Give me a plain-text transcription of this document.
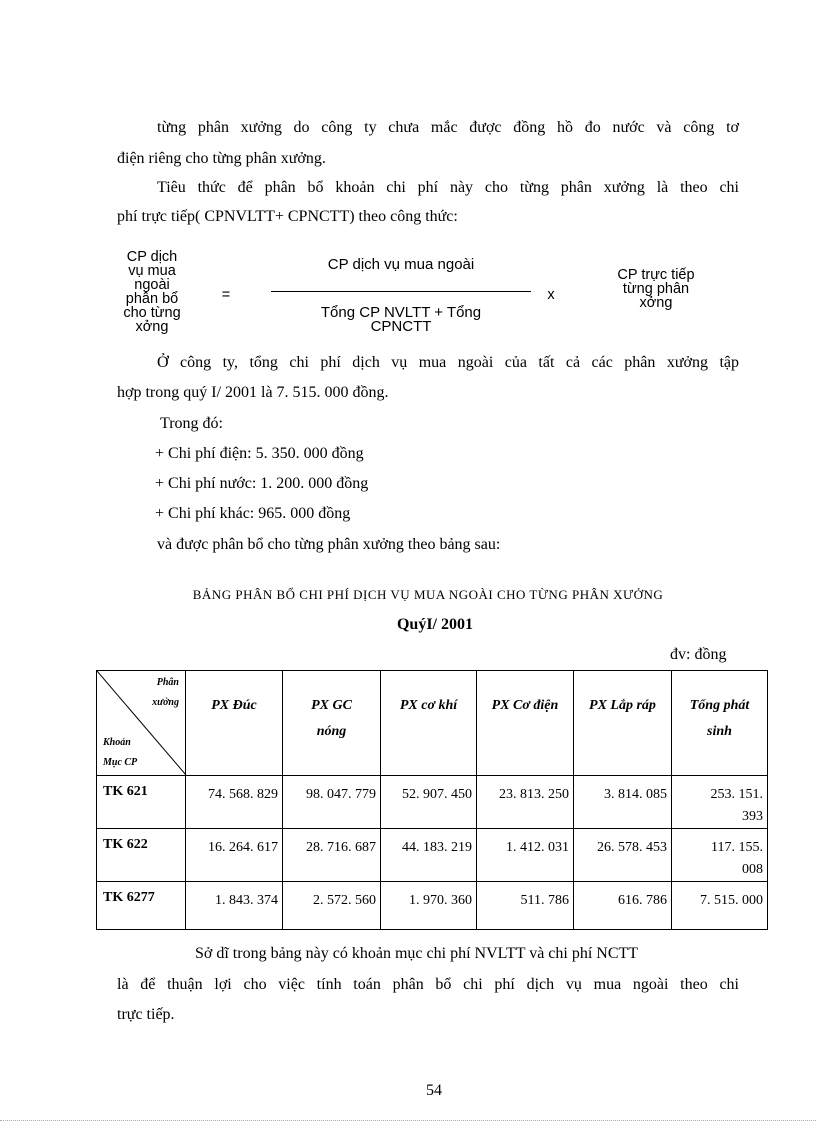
từng phân xưởng do công ty chưa mắc được đồng hồ đo nước và công tơ
điện riêng cho từng phân xưởng.
Tiêu thức để phân bổ khoản chi phí này cho từng phân xưởng là theo chi
phí trực tiếp( CPNVLTT+ CPNCTT) theo công thức:
CP dịch
vụ mua
ngoài
phân bổ
cho từng
xởng
=
CP dịch vụ mua ngoài
Tổng CP NVLTT + Tổng
CPNCTT
x
CP trực tiếp
từng phân
xởng
Ở công ty, tổng chi phí dịch vụ mua ngoài của tất cả các phân xưởng tập
hợp trong quý I/ 2001 là 7. 515. 000 đồng.
Trong đó:
+ Chi phí điện: 5. 350. 000 đồng
+ Chi phí nước: 1. 200. 000 đồng
+ Chi phí khác: 965. 000 đồng
và được phân bổ cho từng phân xưởng theo bảng sau:
BẢNG PHÂN BỔ CHI PHÍ DỊCH VỤ MUA NGOÀI CHO TỪNG PHÂN XƯỞNG
QuýI/ 2001
đv: đồng
Phân
xưởng
Khoản
Mục CP	PX Đúc	PX GC nóng	PX cơ khí	PX Cơ điện	PX Lắp ráp	Tổng phát sinh
TK 621	74. 568. 829	98. 047. 779	52. 907. 450	23. 813. 250	3. 814. 085	253. 151. 393
TK 622	16. 264. 617	28. 716. 687	44. 183. 219	1. 412. 031	26. 578. 453	117. 155. 008
TK 6277	1. 843. 374	2. 572. 560	1. 970. 360	511. 786	616. 786	7. 515. 000
Sở dĩ trong bảng này có khoản mục chi phí NVLTT và chi phí NCTT
là để thuận lợi cho việc tính toán phân bổ chi phí dịch vụ mua ngoài theo chi
trực tiếp.
54
